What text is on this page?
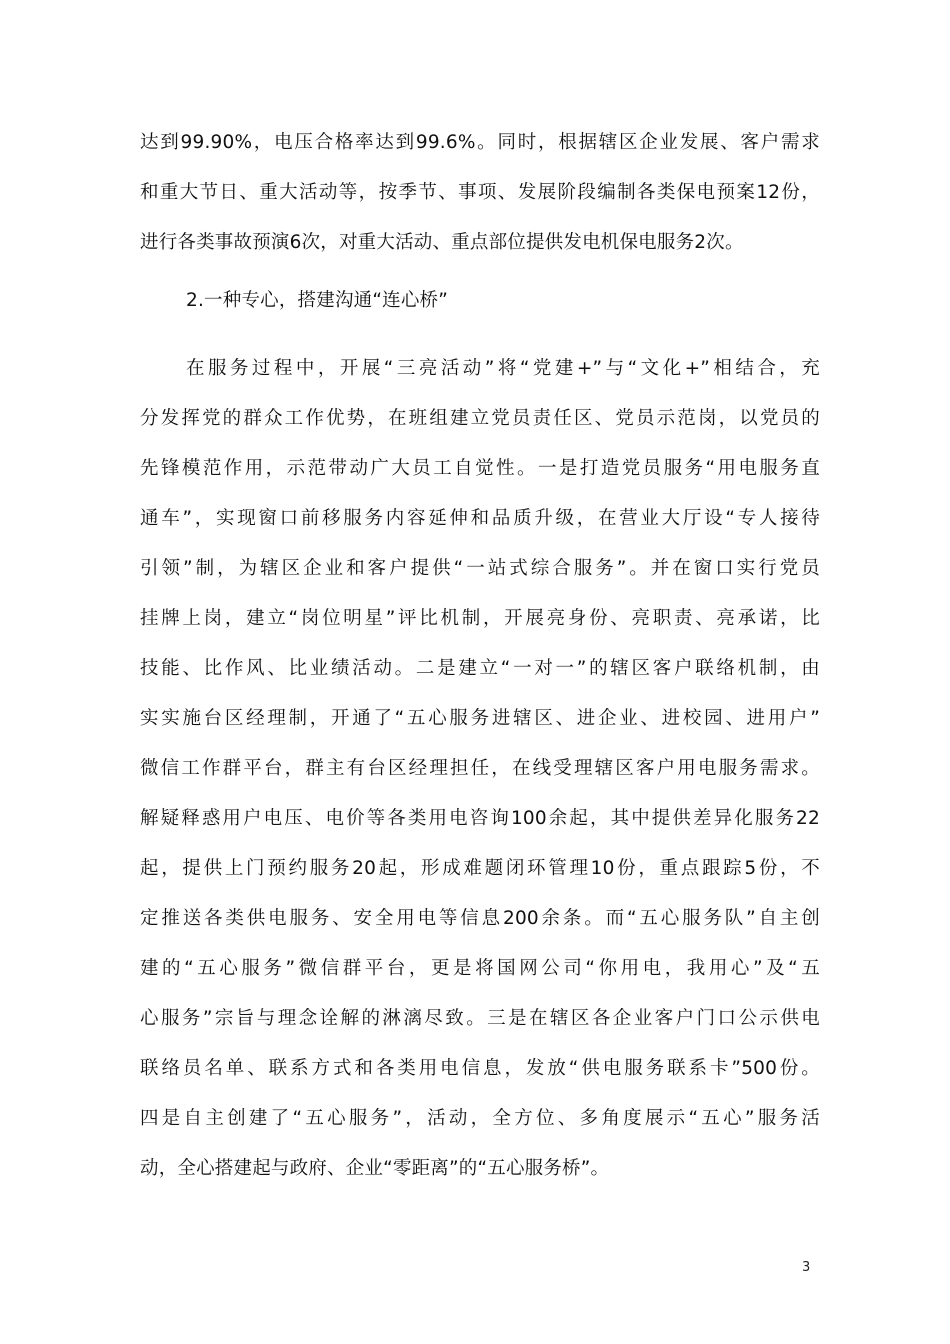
达到99.90%，电压合格率达到99.6%。同时，根据辖区企业发展、客户需求
和重大节日、重大活动等，按季节、事项、发展阶段编制各类保电预案12份，
进行各类事故预演6次，对重大活动、重点部位提供发电机保电服务2次。
2.一种专心，搭建沟通“连心桥”
在服务过程中，开展“三亮活动”将“党建+”与“文化+”相结合，充
分发挥党的群众工作优势，在班组建立党员责任区、党员示范岗，以党员的
先锋模范作用，示范带动广大员工自觉性。一是打造党员服务“用电服务直
通车”，实现窗口前移服务内容延伸和品质升级，在营业大厅设“专人接待
引领”制，为辖区企业和客户提供“一站式综合服务”。并在窗口实行党员
挂牌上岗，建立“岗位明星”评比机制，开展亮身份、亮职责、亮承诺，比
技能、比作风、比业绩活动。二是建立“一对一”的辖区客户联络机制，由
实实施台区经理制，开通了“五心服务进辖区、进企业、进校园、进用户”
微信工作群平台，群主有台区经理担任，在线受理辖区客户用电服务需求。
解疑释惑用户电压、电价等各类用电咨询100余起，其中提供差异化服务22
起，提供上门预约服务20起，形成难题闭环管理10份，重点跟踪5份，不
定推送各类供电服务、安全用电等信息200余条。而“五心服务队”自主创
建的“五心服务”微信群平台，更是将国网公司“你用电，我用心”及“五
心服务”宗旨与理念诠解的淋漓尽致。三是在辖区各企业客户门口公示供电
联络员名单、联系方式和各类用电信息，发放“供电服务联系卡”500份。
四是自主创建了“五心服务”，活动，全方位、多角度展示“五心”服务活
动，全心搭建起与政府、企业“零距离”的“五心服务桥”。
3
